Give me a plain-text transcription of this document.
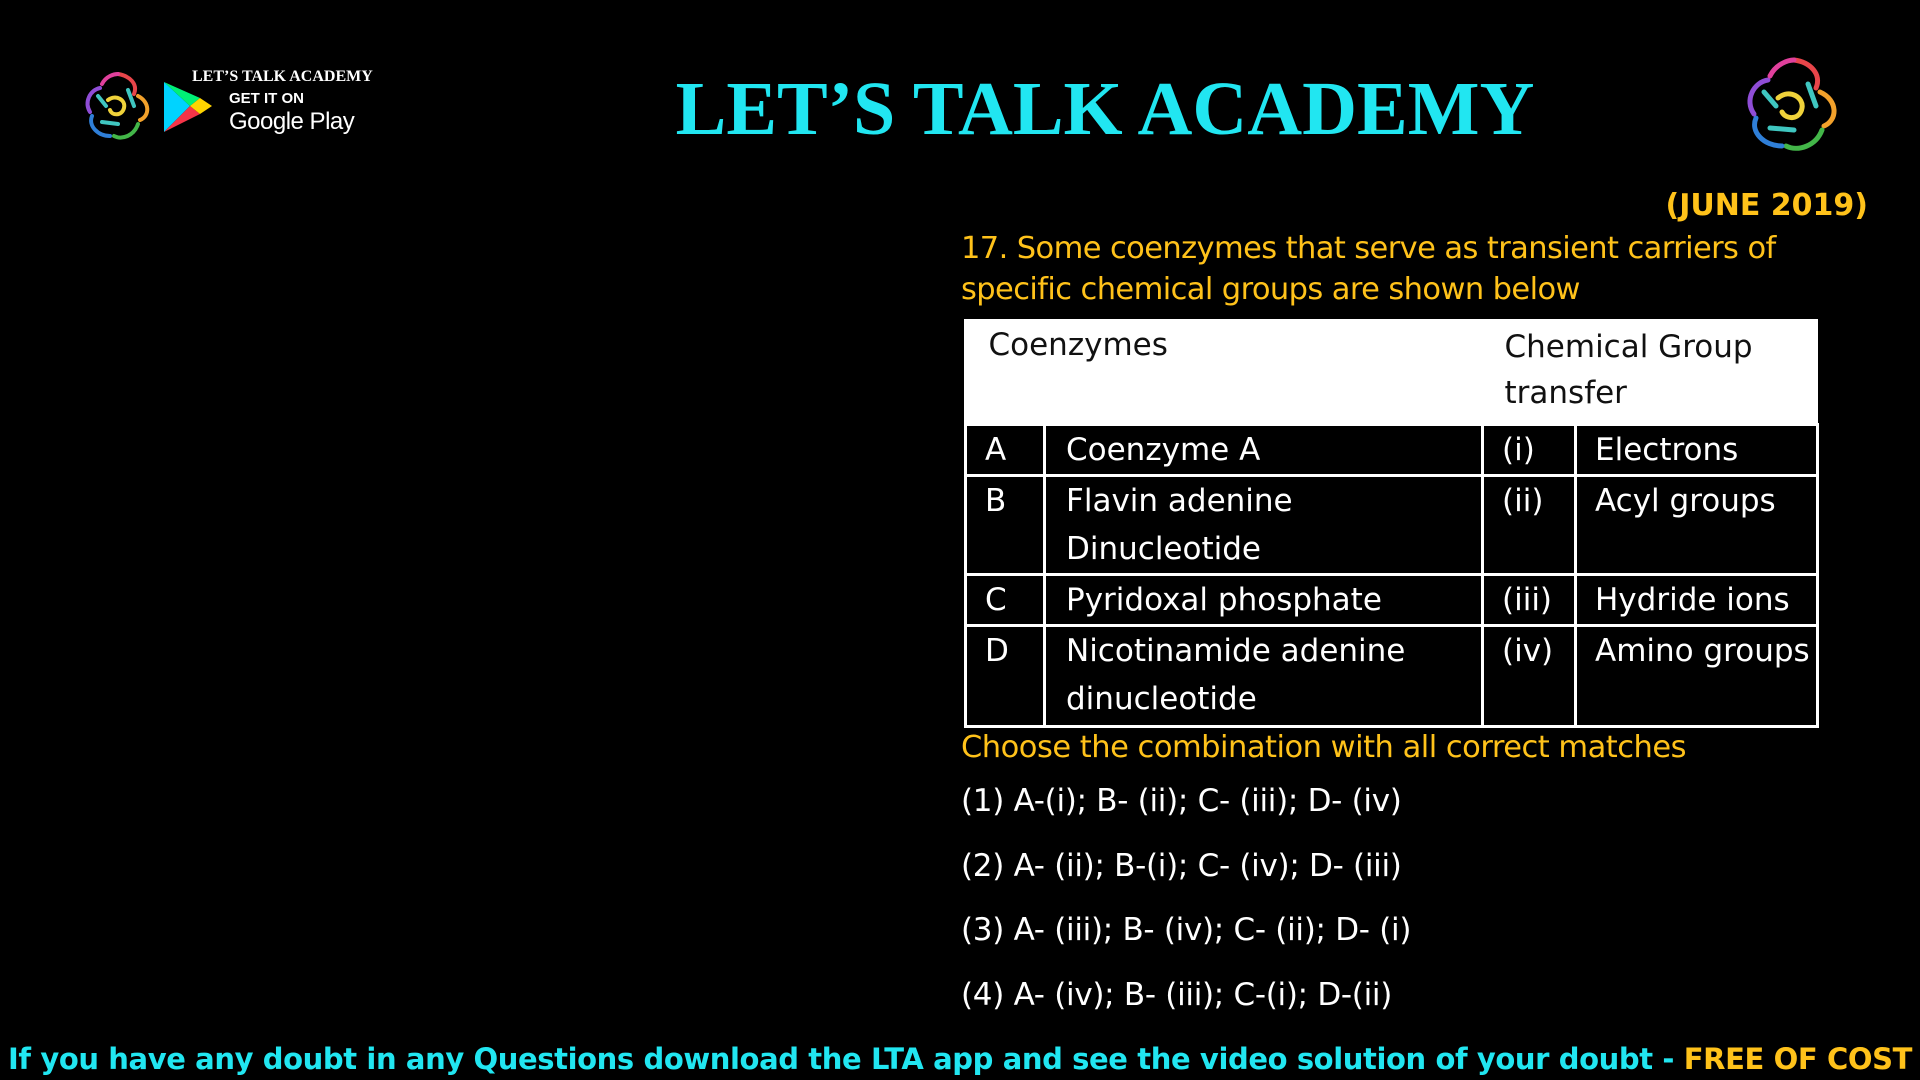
LET’S TALK ACADEMY
GET IT ON
Google Play	LET’S TALK ACADEMY
(JUNE 2019)
17. Some coenzymes that serve as transient carriers of specific chemical groups are shown below
Coenzymes		Chemical Group transfer	
A	Coenzyme A	(i)	Electrons
B	Flavin adenine Dinucleotide	(ii)	Acyl groups
C	Pyridoxal phosphate	(iii)	Hydride ions
D	Nicotinamide adenine dinucleotide	(iv)	Amino groups
Choose the combination with all correct matches
(1) A-(i); B- (ii); C- (iii); D- (iv)
(2) A- (ii); B-(i); C- (iv); D- (iii)
(3) A- (iii); B- (iv); C- (ii); D- (i)
(4) A- (iv); B- (iii); C-(i); D-(ii)
If you have any doubt in any Questions download the LTA app and see the video solution of your doubt - FREE OF COST
